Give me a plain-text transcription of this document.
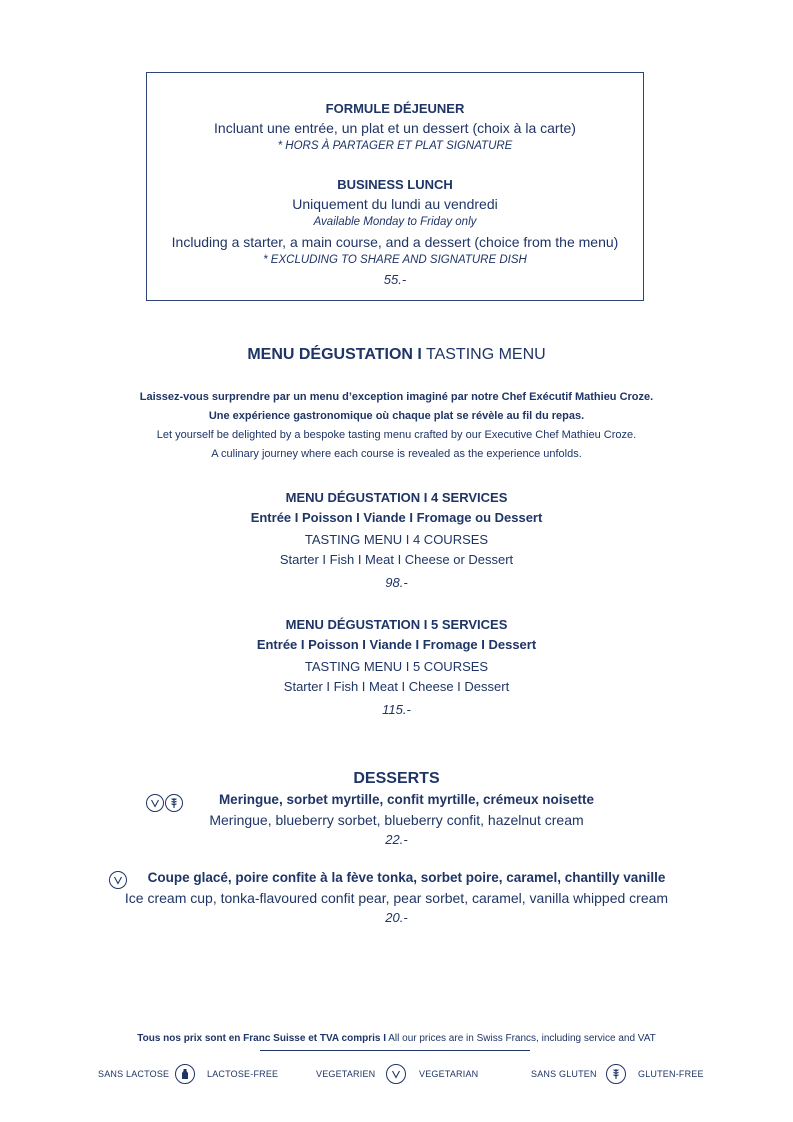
FORMULE DÉJEUNER
Incluant une entrée, un plat et un dessert (choix à la carte)
* HORS À PARTAGER ET PLAT SIGNATURE
BUSINESS LUNCH
Uniquement du lundi au vendredi
Available Monday to Friday only
Including a starter, a main course, and a dessert (choice from the menu)
* EXCLUDING TO SHARE AND SIGNATURE DISH
55.-
MENU DÉGUSTATION I TASTING MENU
Laissez-vous surprendre par un menu d’exception imaginé par notre Chef Exécutif Mathieu Croze.
Une expérience gastronomique où chaque plat se révèle au fil du repas.
Let yourself be delighted by a bespoke tasting menu crafted by our Executive Chef Mathieu Croze.
A culinary journey where each course is revealed as the experience unfolds.
MENU DÉGUSTATION I 4 SERVICES
Entrée I Poisson I Viande I Fromage ou Dessert
TASTING MENU I 4 COURSES
Starter I Fish I Meat I Cheese or Dessert
98.-
MENU DÉGUSTATION I 5 SERVICES
Entrée I Poisson I Viande I Fromage I Dessert
TASTING MENU I 5 COURSES
Starter I Fish I Meat I Cheese I Dessert
115.-
DESSERTS
Meringue, sorbet myrtille, confit myrtille, crémeux noisette
Meringue, blueberry sorbet, blueberry confit, hazelnut cream
22.-
Coupe glacé, poire confite à la fève tonka, sorbet poire, caramel, chantilly vanille
Ice cream cup, tonka-flavoured confit pear, pear sorbet, caramel, vanilla whipped cream
20.-
Tous nos prix sont en Franc Suisse et TVA compris I All our prices are in Swiss Francs, including service and VAT
SANS LACTOSE	LACTOSE-FREE	VEGETARIEN	VEGETARIAN	SANS GLUTEN	GLUTEN-FREE
